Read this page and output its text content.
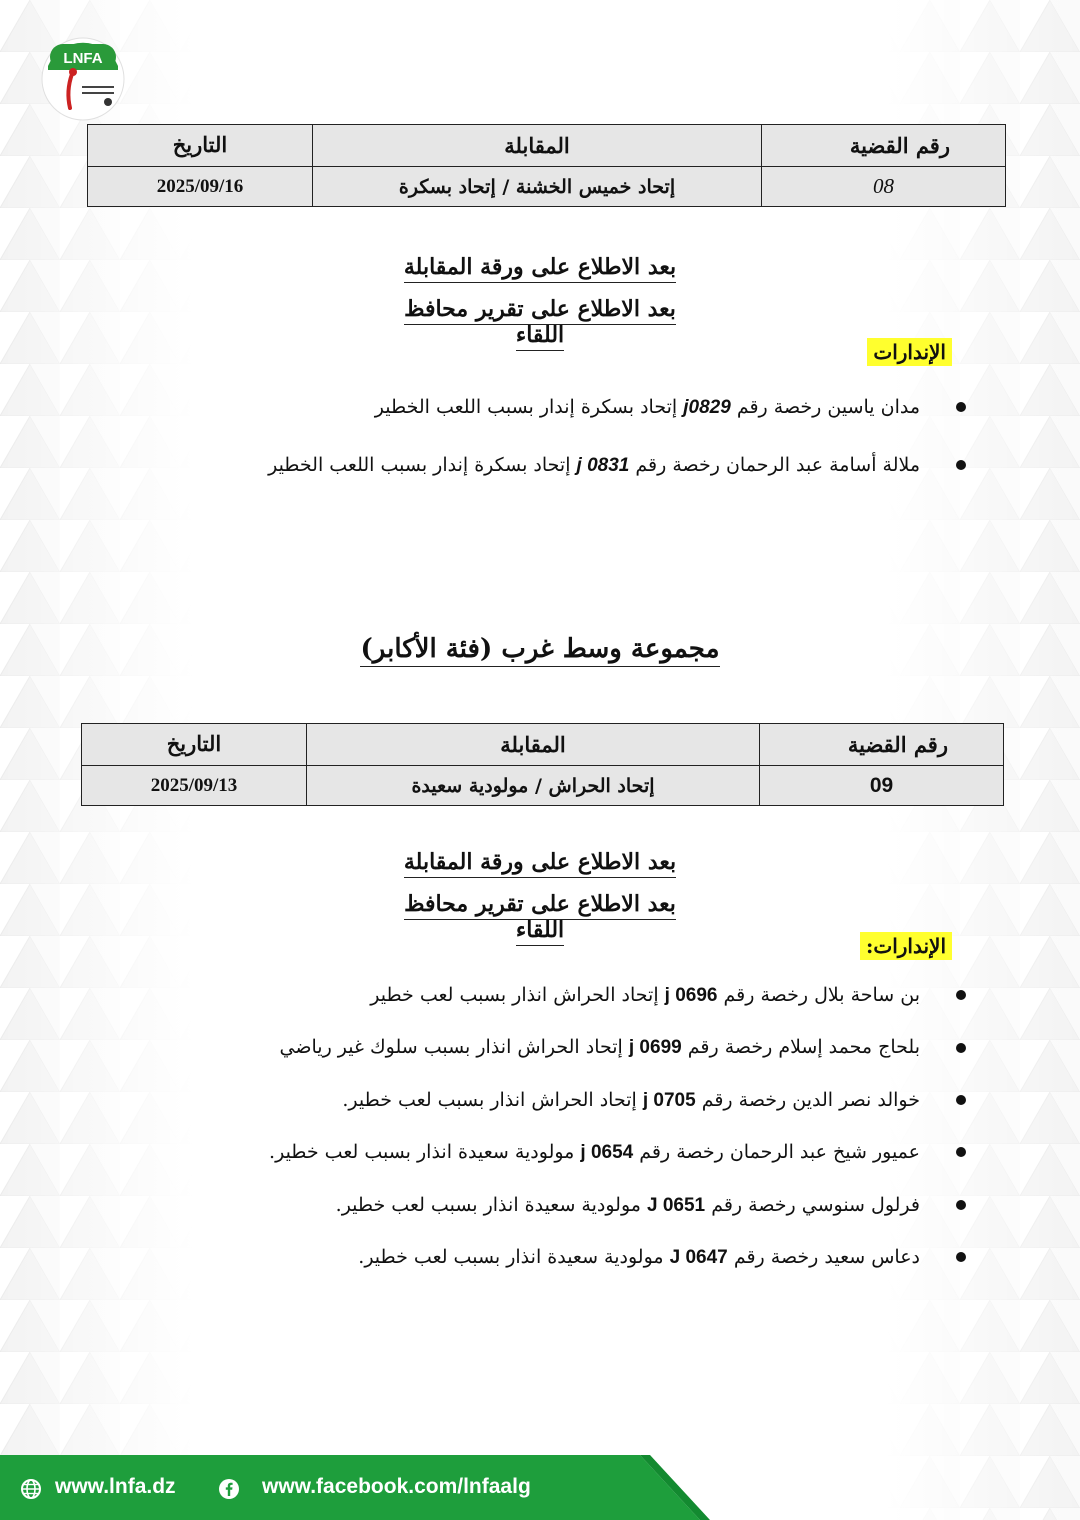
LNFA
رقم القضية	المقابلة	التاريخ
08	إتحاد خميس الخشنة / إتحاد بسكرة	2025/09/16
بعد الاطلاع على ورقة المقابلة
بعد الاطلاع على تقرير محافظ اللقاء
الإندارات
مدان ياسين رخصة رقم j0829 إتحاد بسكرة إندار بسبب اللعب الخطير
ملالة أسامة عبد الرحمان رخصة رقم j 0831 إتحاد بسكرة إندار بسبب اللعب الخطير
مجموعة وسط غرب (فئة الأكابر)
رقم القضية	المقابلة	التاريخ
09	إتحاد الحراش / مولودية سعيدة	2025/09/13
بعد الاطلاع على ورقة المقابلة
بعد الاطلاع على تقرير محافظ اللقاء
الإندارات:
بن ساحة بلال رخصة رقم j 0696 إتحاد الحراش انذار بسبب لعب خطير
بلحاج محمد إسلام رخصة رقم j 0699 إتحاد الحراش انذار بسبب سلوك غير رياضي
خوالد نصر الدين رخصة رقم j 0705 إتحاد الحراش انذار بسبب لعب خطير.
عميور شيخ عبد الرحمان رخصة رقم j 0654 مولودية سعيدة انذار بسبب لعب خطير.
فرلول سنوسي رخصة رقم J 0651 مولودية سعيدة انذار بسبب لعب خطير.
دعاس سعيد رخصة رقم J 0647 مولودية سعيدة انذار بسبب لعب خطير.
www.lnfa.dz	www.facebook.com/lnfaalg
